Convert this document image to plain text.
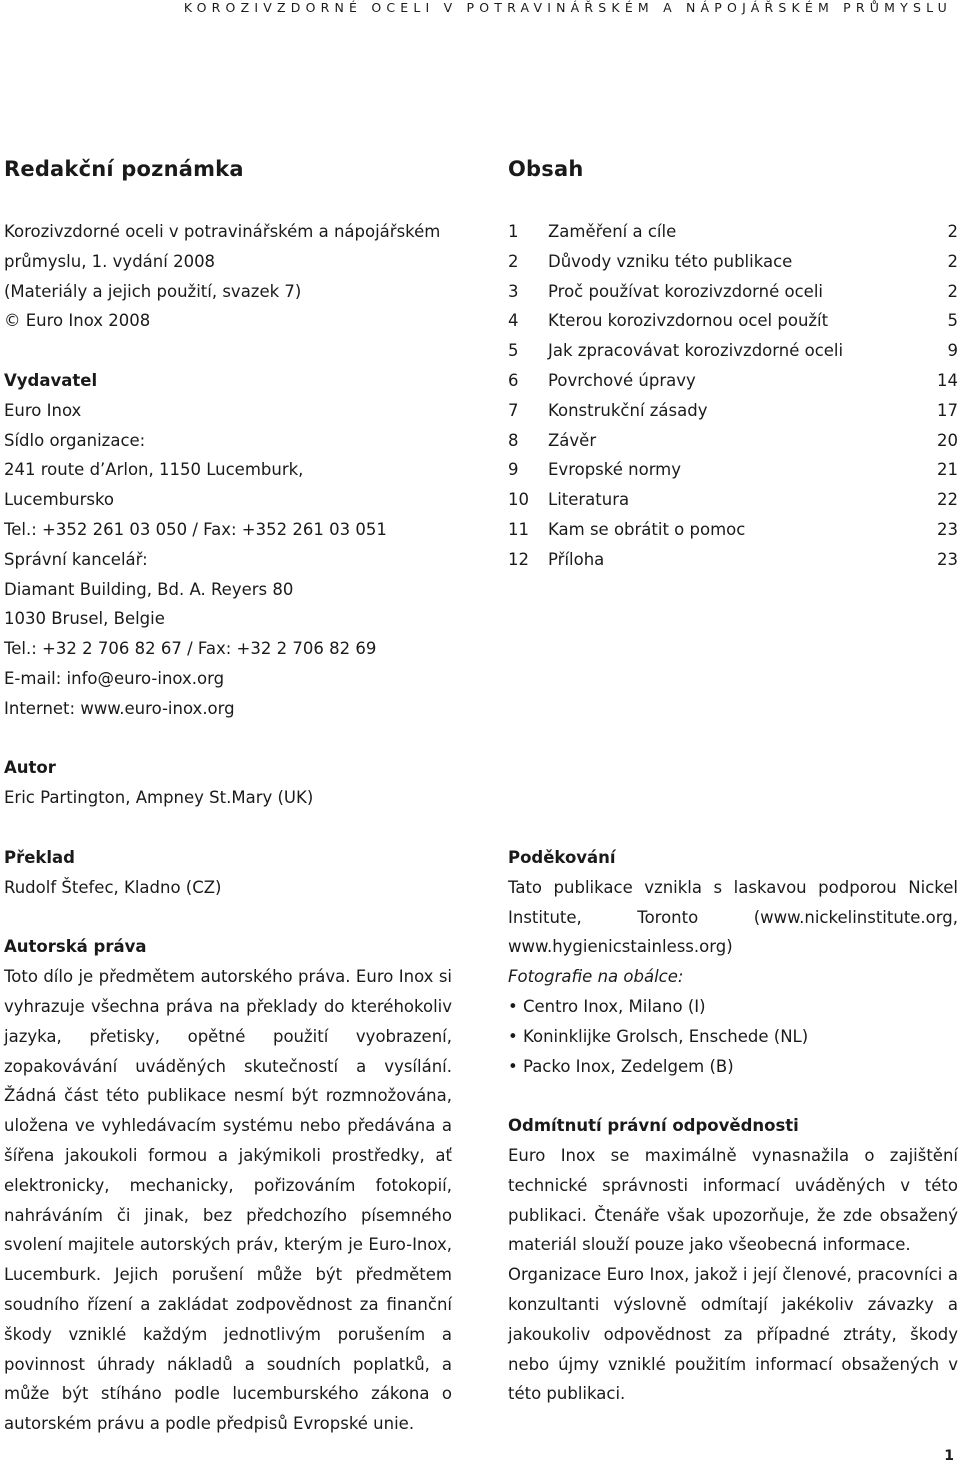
KOROZIVZDORNÉ OCELI V POTRAVINÁŘSKÉM A NÁPOJÁŘSKÉM PRŮMYSLU
Redakční poznámka
Korozivzdorné oceli v potravinářském a nápojářském
průmyslu, 1. vydání 2008
(Materiály a jejich použití, svazek 7)
© Euro Inox 2008
Vydavatel
Euro Inox
Sídlo organizace:
241 route d’Arlon, 1150 Lucemburk,
Lucembursko
Tel.: +352 261 03 050 / Fax: +352 261 03 051
Správní kancelář:
Diamant Building, Bd. A. Reyers 80
1030 Brusel, Belgie
Tel.: +32 2 706 82 67 / Fax: +32 2 706 82 69
E-mail: info@euro-inox.org
Internet: www.euro-inox.org
Autor
Eric Partington, Ampney St.Mary (UK)
Překlad
Rudolf Štefec, Kladno (CZ)
Autorská práva

Toto dílo je předmětem autorského práva. Euro Inox si vyhrazuje všechna práva na překlady do kteréhokoliv jazyka, přetisky, opětné použití vyobrazení, zopakovávání uváděných skutečností a vysílání. Žádná část této publikace nesmí být rozmnožována, uložena ve vyhledávacím systému nebo předávána a šířena jakoukoli formou a jakýmikoli prostředky, ať elektronicky, mechanicky, pořizováním fotokopií, nahráváním či jinak, bez předchozího písemného svolení majitele autorských práv, kterým je Euro-Inox, Lucemburk. Jejich porušení může být předmětem soudního řízení a zakládat zodpovědnost za finanční škody vzniklé každým jednotlivým porušením a povinnost úhrady nákladů a soudních poplatků, a může být stíháno podle lucemburského zákona o autorském právu a podle předpisů Evropské unie.

Obsah
1	Zaměření a cíle	2
2	Důvody vzniku této publikace	2
3	Proč používat korozivzdorné oceli	2
4	Kterou korozivzdornou ocel použít	5
5	Jak zpracovávat korozivzdorné oceli	9
6	Povrchové úpravy	14
7	Konstrukční zásady	17
8	Závěr	20
9	Evropské normy	21
10	Literatura	22
11	Kam se obrátit o pomoc	23
12	Příloha	23
Poděkování

Tato publikace vznikla s laskavou podporou Nickel Institute, Toronto (www.nickelinstitute.org, www.hygienicstainless.org)

Fotografie na obálce:
• Centro Inox, Milano (I)
• Koninklijke Grolsch, Enschede (NL)
• Packo Inox, Zedelgem (B)
Odmítnutí právní odpovědnosti

Euro Inox se maximálně vynasnažila o zajištění technické správnosti informací uváděných v této publikaci. Čtenáře však upozorňuje, že zde obsažený materiál slouží pouze jako všeobecná informace.

Organizace Euro Inox, jakož i její členové, pracovníci a konzultanti výslovně odmítají jakékoliv závazky a jakoukoliv odpovědnost za případné ztráty, škody nebo újmy vzniklé použitím informací obsažených v této publikaci.

1
